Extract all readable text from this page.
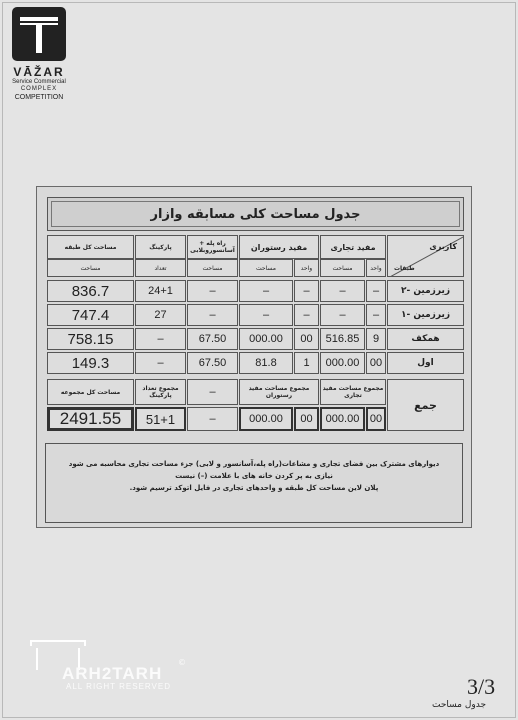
VĀŽAR
Service Commercial
COMPLEX
COMPETITION
جدول مساحت کلی مسابقه وازار
کاربری
طبقات
مفید تجاری
واحد
مساحت
مفید رستوران
واحد
مساحت
راه پله + آسانسوروبلابی
مساحت
پارکینگ
تعداد
مساحت کل طبقه
مساحت
زیرزمین -۲
–
–
–
–
–
24+1
836.7
زیرزمین -۱
–
–
–
–
–
27
747.4
همکف
9
516.85
00
000.00
67.50
–
758.15
اول
00
000.00
1
81.8
67.50
–
149.3
جمع
مجموع مساحت مفید تجاری
مجموع مساحت مفید رستوران
–
مجموع تعداد پارکینگ
مساحت کل مجموعه
00
000.00
00
000.00
–
51+1
2491.55

دیوارهای مشترک بین فضای تجاری و مشاعات(راه پله،آسانسور و لابی) جزء مساحت تجاری محاسبه می شود

نیازی به پر کردن خانه های با علامت (–) نیست

پلان لاین مساحت کل طبقه و واحدهای تجاری در فایل اتوکد ترسیم شود.

ARH2TARH
©
ALL RIGHT RESERVED	3/3
جدول مساحت
